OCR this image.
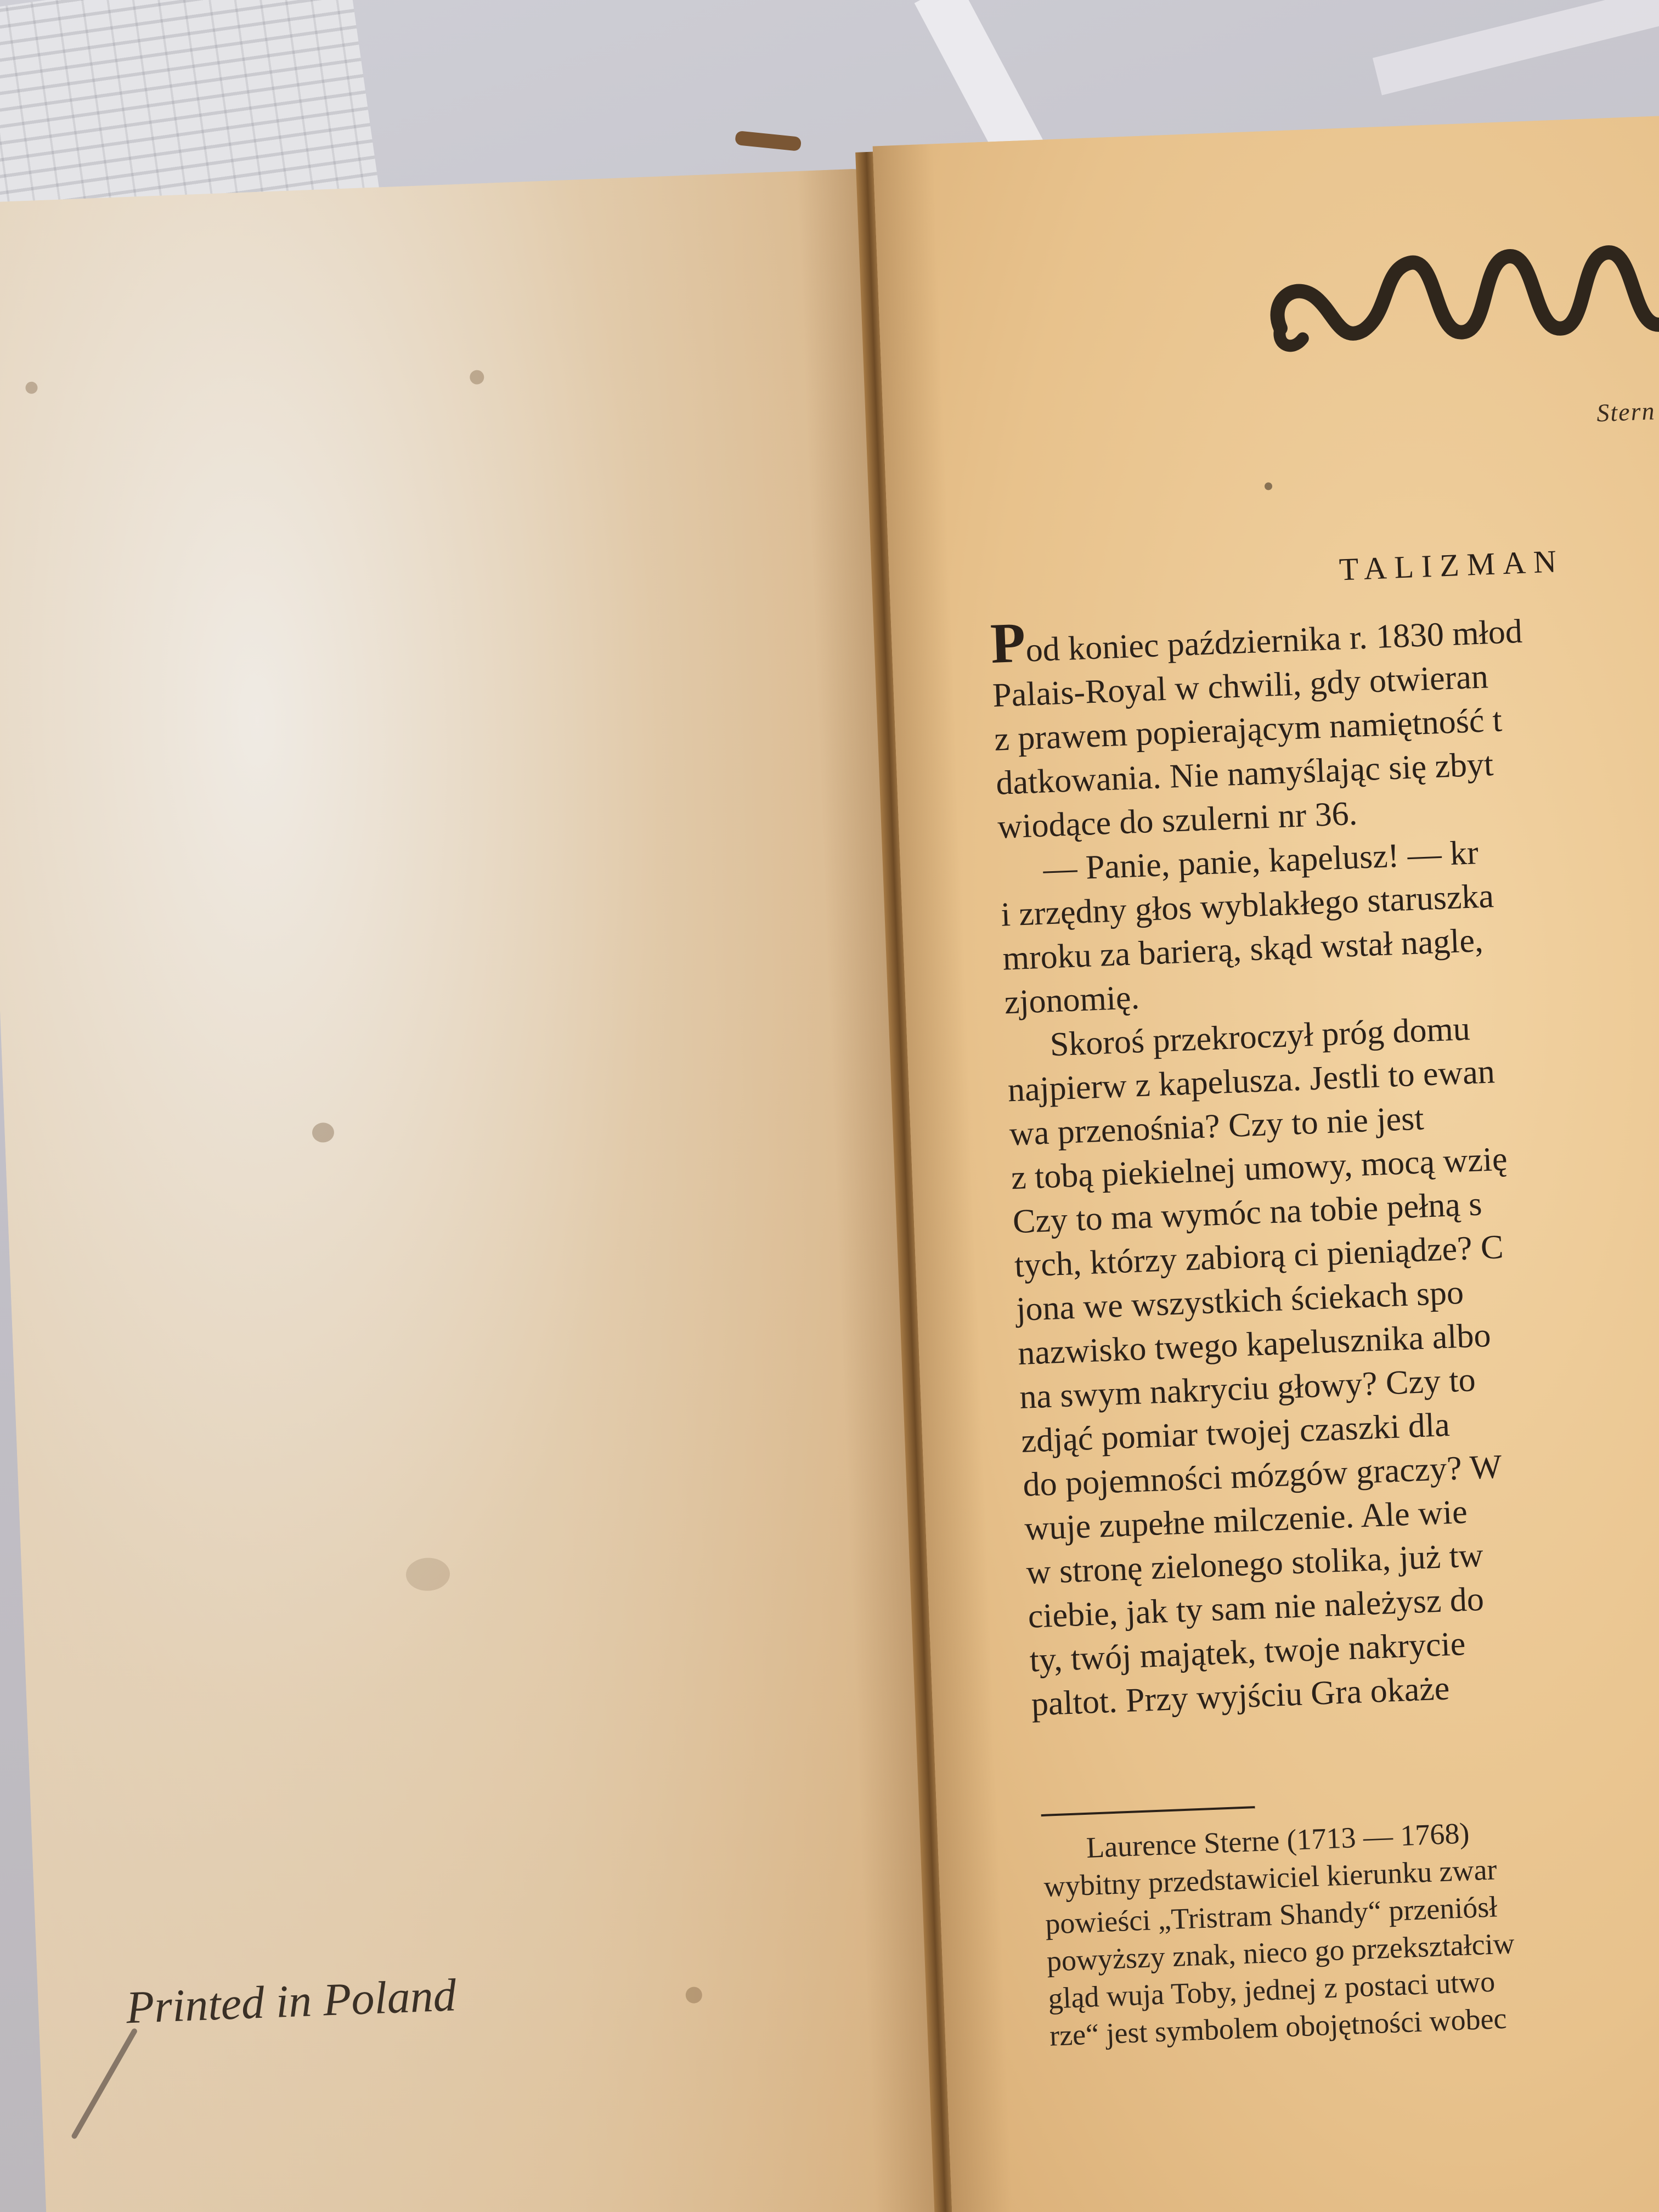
Printed in Poland
Stern
TALIZMAN
Pod koniec października r. 1830 młod
Palais-Royal w chwili, gdy otwieran
z prawem popierającym namiętność t
datkowania. Nie namyślając się zbyt
wiodące do szulerni nr 36.
— Panie, panie, kapelusz! — kr
i zrzędny głos wyblakłego staruszka
mroku za barierą, skąd wstał nagle,
zjonomię.
Skoroś przekroczył próg domu
najpierw z kapelusza. Jestli to ewan
wa przenośnia? Czy to nie jest
z tobą piekielnej umowy, mocą wzię
Czy to ma wymóc na tobie pełną s
tych, którzy zabiorą ci pieniądze? C
jona we wszystkich ściekach spo
nazwisko twego kapelusznika albo
na swym nakryciu głowy? Czy to
zdjąć pomiar twojej czaszki dla
do pojemności mózgów graczy? W
wuje zupełne milczenie. Ale wie
w stronę zielonego stolika, już tw
ciebie, jak ty sam nie należysz do
ty, twój majątek, twoje nakrycie
paltot. Przy wyjściu Gra okaże
Laurence Sterne (1713 — 1768)
wybitny przedstawiciel kierunku zwar
powieści „Tristram Shandy“ przeniósł
powyższy znak, nieco go przekształciw
gląd wuja Toby, jednej z postaci utwo
rze“ jest symbolem obojętności wobec
